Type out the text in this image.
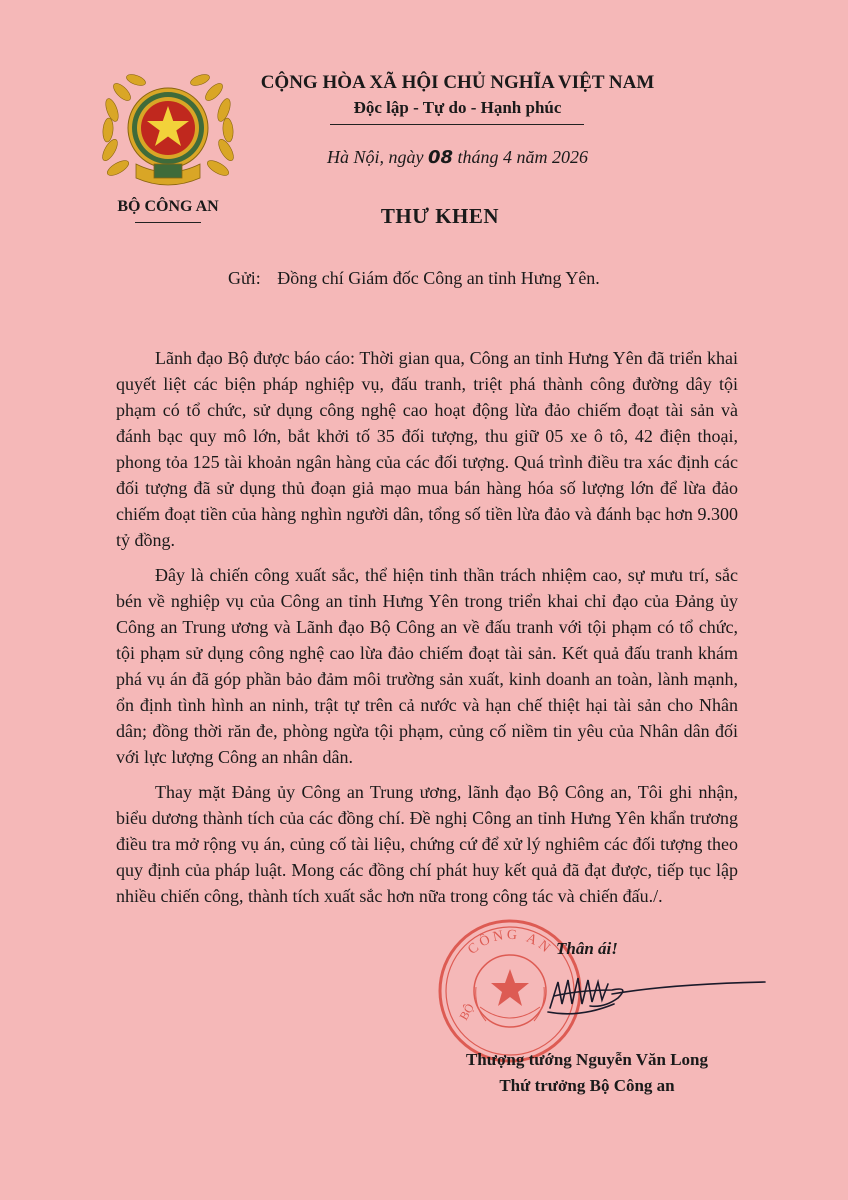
BỘ CÔNG AN
CỘNG HÒA XÃ HỘI CHỦ NGHĨA VIỆT NAM
Độc lập - Tự do - Hạnh phúc
Hà Nội, ngày 08 tháng 4 năm 2026
THƯ KHEN
Gửi: Đồng chí Giám đốc Công an tỉnh Hưng Yên.

Lãnh đạo Bộ được báo cáo: Thời gian qua, Công an tỉnh Hưng Yên đã triển khai quyết liệt các biện pháp nghiệp vụ, đấu tranh, triệt phá thành công đường dây tội phạm có tổ chức, sử dụng công nghệ cao hoạt động lừa đảo chiếm đoạt tài sản và đánh bạc quy mô lớn, bắt khởi tố 35 đối tượng, thu giữ 05 xe ô tô, 42 điện thoại, phong tỏa 125 tài khoản ngân hàng của các đối tượng. Quá trình điều tra xác định các đối tượng đã sử dụng thủ đoạn giả mạo mua bán hàng hóa số lượng lớn để lừa đảo chiếm đoạt tiền của hàng nghìn người dân, tổng số tiền lừa đảo và đánh bạc hơn 9.300 tỷ đồng.

Đây là chiến công xuất sắc, thể hiện tinh thần trách nhiệm cao, sự mưu trí, sắc bén về nghiệp vụ của Công an tỉnh Hưng Yên trong triển khai chỉ đạo của Đảng ủy Công an Trung ương và Lãnh đạo Bộ Công an về đấu tranh với tội phạm có tổ chức, tội phạm sử dụng công nghệ cao lừa đảo chiếm đoạt tài sản. Kết quả đấu tranh khám phá vụ án đã góp phần bảo đảm môi trường sản xuất, kinh doanh an toàn, lành mạnh, ổn định tình hình an ninh, trật tự trên cả nước và hạn chế thiệt hại tài sản cho Nhân dân; đồng thời răn đe, phòng ngừa tội phạm, củng cố niềm tin yêu của Nhân dân đối với lực lượng Công an nhân dân.

Thay mặt Đảng ủy Công an Trung ương, lãnh đạo Bộ Công an, Tôi ghi nhận, biểu dương thành tích của các đồng chí. Đề nghị Công an tỉnh Hưng Yên khẩn trương điều tra mở rộng vụ án, củng cố tài liệu, chứng cứ để xử lý nghiêm các đối tượng theo quy định của pháp luật. Mong các đồng chí phát huy kết quả đã đạt được, tiếp tục lập nhiều chiến công, thành tích xuất sắc hơn nữa trong công tác và chiến đấu./.

CÔNG AN
BỘ
Thân ái!
Thượng tướng Nguyễn Văn Long
Thứ trưởng Bộ Công an
